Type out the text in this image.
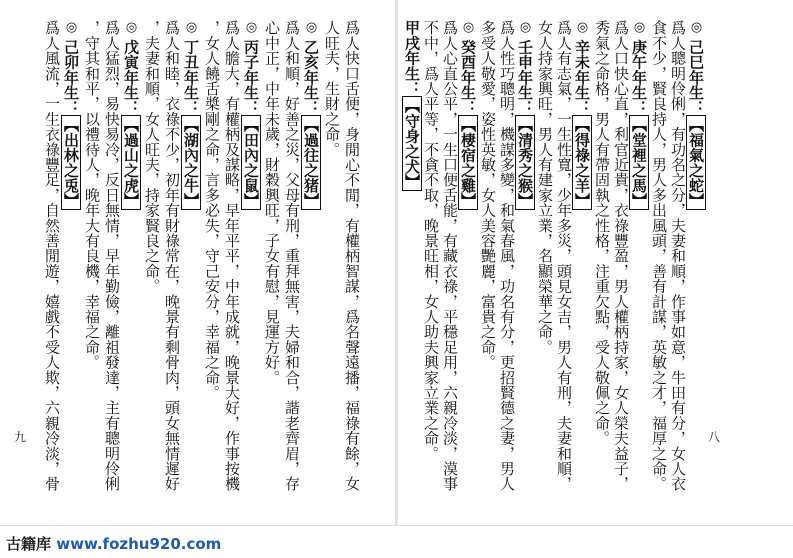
爲人快口舌便，身閒心不閒，有權柄智謀，爲名聲遠播，福祿有餘，女
人旺夫，生財之命。
◎乙亥年生：【過往之猪】
爲人和順，好善之災，父母有刑，重拜無害，夫婦和合，諧老齊眉，存
心中正，中年未歲，財穀興旺，子女有慰，見運方好。
◎丙子年生：【田內之鼠】
爲人膽大，有權柄及謀略，早年平平，中年成就，晚景大好，作事按機
，女人饒舌槳剛之命，言多必失，守己安分，幸福之命。
◎丁丑年生：【湖內之牛】
爲人和睦，衣祿不少，初年有財祿常在，晚景有剩骨肉，頭女無情遲好
，夫妻和順，女人旺夫，持家賢良之命。
◎戊寅年生：【過山之虎】
爲人猛烈，易快易冷，反日無情，早年勤儉，離祖發達，主有聰明伶俐
，守其和平，以禮待人，晚年大有良機，幸福之命。
◎己卯年生：【出林之兎】
爲人風流，一生衣祿豐足，自然善閒遊，嬉戲不受人欺，六親冷淡，骨
九
◎己巳年生：【福氣之蛇】
爲人聰明伶俐，有功名之分，夫妻和順，作事如意，牛田有分，女人衣
食不少，賢良持人，男人多出風頭，善有計謀，英敏之才，福厚之命。
◎庚午年生：【堂裡之馬】
爲人口快心直，利官近貴，衣祿豐盈，男人權柄持家，女人榮夫益子，
秀氣之命格，男人有帶固執之性格，注重欠點，受人敬佩之命。
◎辛未年生：【得祿之羊】
爲人有志氣，一生性寬，少年多災，頭見女吉，男人有刑，夫妻和順，
女人持家興旺，男人有建家立業，名顯榮華之命。
◎壬申年生：【清秀之猴】
爲人性巧聰明，機謀多變，和氣春風，功名有分，更招賢德之妻，男人
多受人敬愛，姿性英敏，女人美容艷麗，富貴之命。
◎癸酉年生：【棲宿之雞】
爲人心直公平，一生口便舌能，有藏衣祿，平穩足用，六親冷淡，漠事
不中，爲人平等，不貪不取，晚景旺相，女人助夫興家立業之命。
甲戌年生：【守身之犬】
八
古籍库 www.fozhu920.com
